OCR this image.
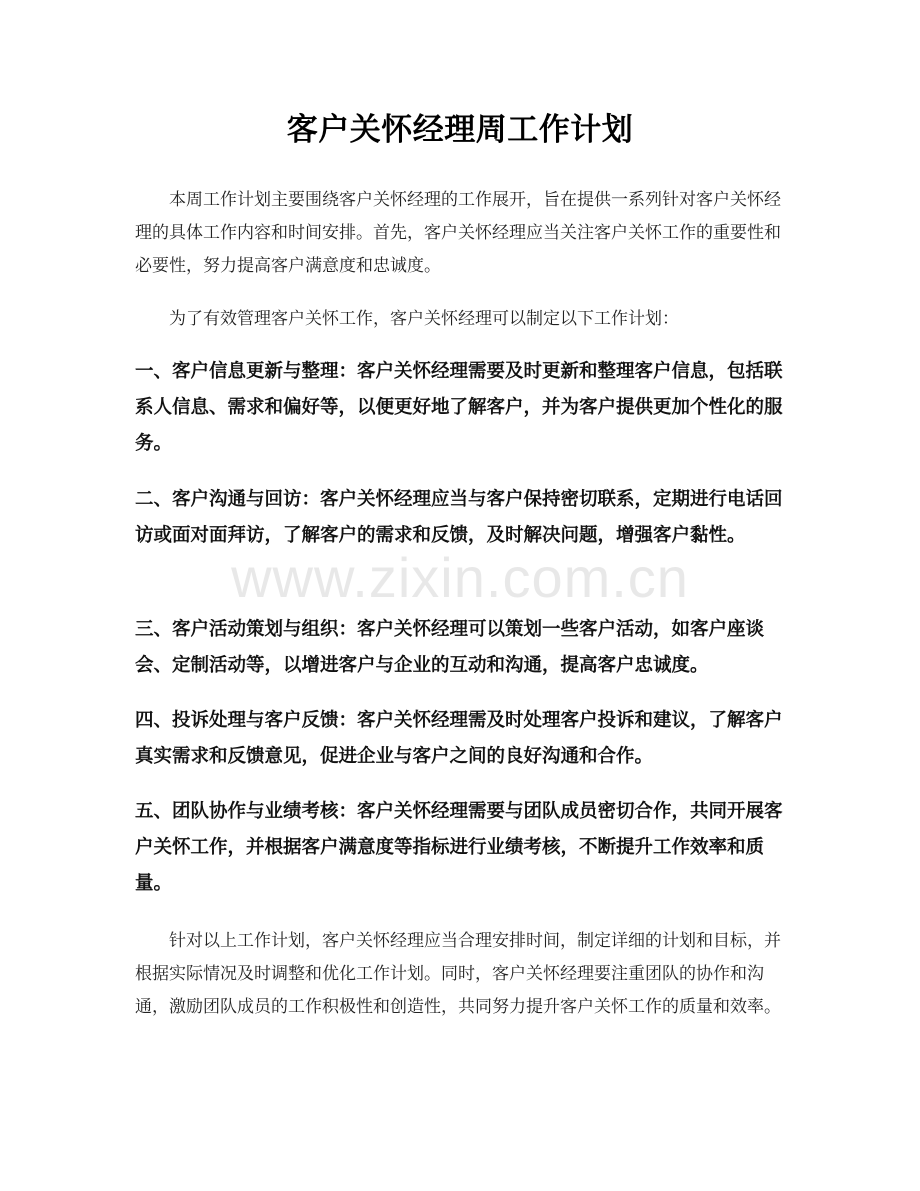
客户关怀经理周工作计划

本周工作计划主要围绕客户关怀经理的工作展开，旨在提供一系列针对客户关怀经理的具体工作内容和时间安排。首先，客户关怀经理应当关注客户关怀工作的重要性和必要性，努力提高客户满意度和忠诚度。

为了有效管理客户关怀工作，客户关怀经理可以制定以下工作计划：

一、客户信息更新与整理：客户关怀经理需要及时更新和整理客户信息，包括联系人信息、需求和偏好等，以便更好地了解客户，并为客户提供更加个性化的服务。

二、客户沟通与回访：客户关怀经理应当与客户保持密切联系，定期进行电话回访或面对面拜访，了解客户的需求和反馈，及时解决问题，增强客户黏性。

三、客户活动策划与组织：客户关怀经理可以策划一些客户活动，如客户座谈会、定制活动等，以增进客户与企业的互动和沟通，提高客户忠诚度。

四、投诉处理与客户反馈：客户关怀经理需及时处理客户投诉和建议，了解客户真实需求和反馈意见，促进企业与客户之间的良好沟通和合作。

五、团队协作与业绩考核：客户关怀经理需要与团队成员密切合作，共同开展客户关怀工作，并根据客户满意度等指标进行业绩考核，不断提升工作效率和质量。

针对以上工作计划，客户关怀经理应当合理安排时间，制定详细的计划和目标，并根据实际情况及时调整和优化工作计划。同时，客户关怀经理要注重团队的协作和沟通，激励团队成员的工作积极性和创造性，共同努力提升客户关怀工作的质量和效率。

www.zixin.com.cn
